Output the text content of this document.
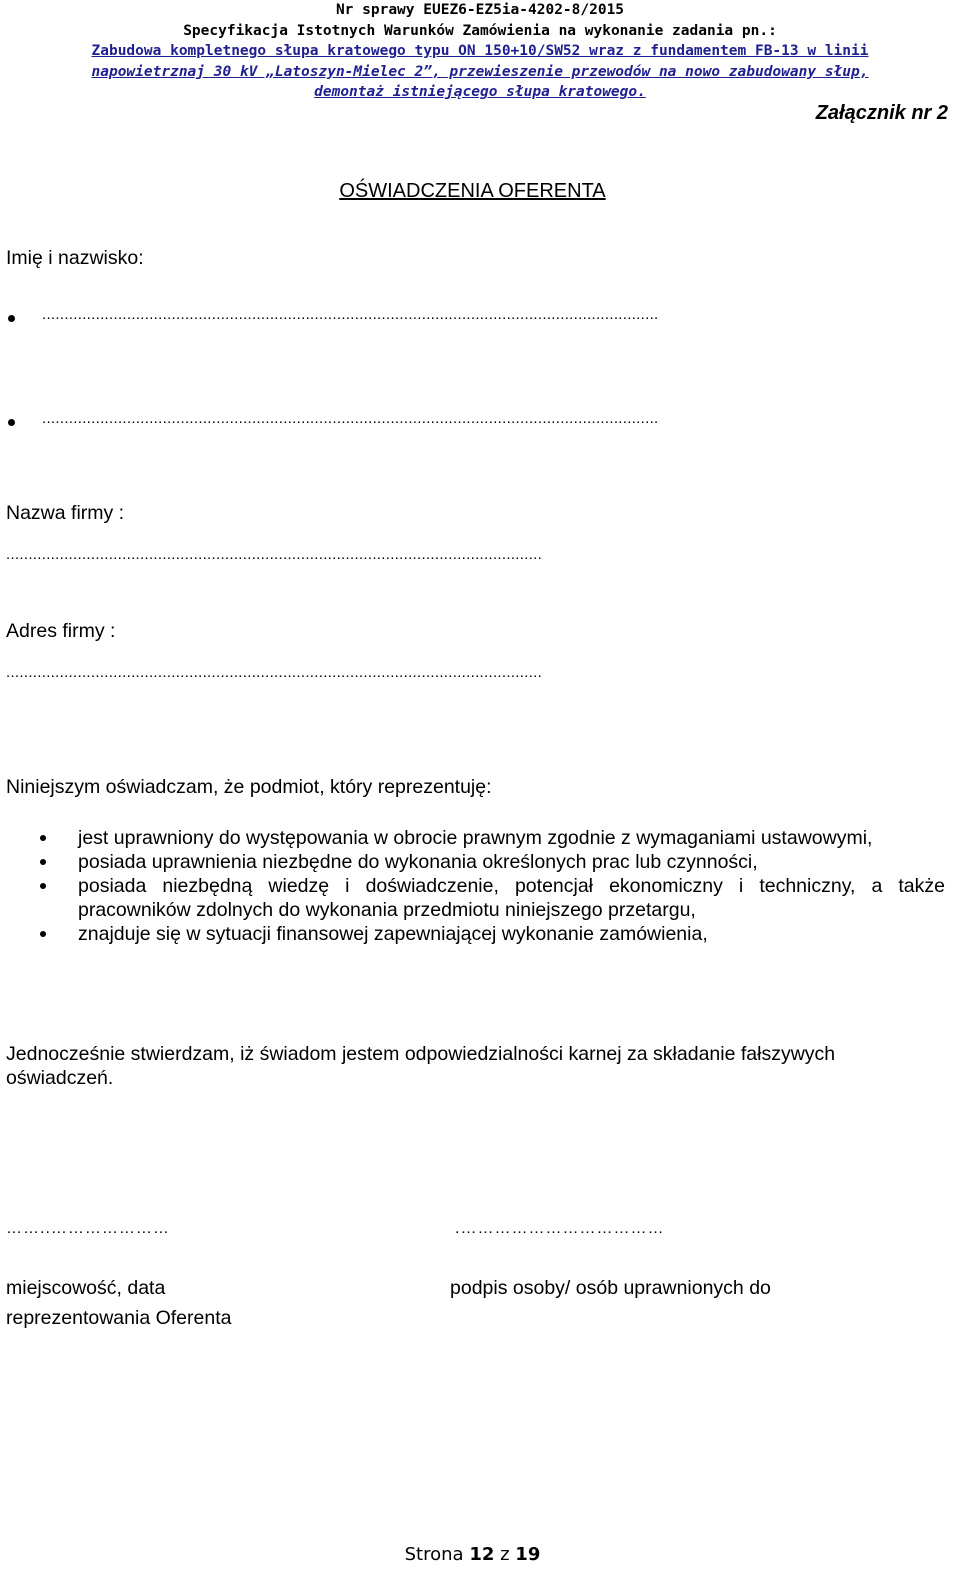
Nr sprawy EUEZ6-EZ5ia-4202-8/2015
Specyfikacja Istotnych Warunków Zamówienia na wykonanie zadania pn.:
Zabudowa kompletnego słupa kratowego typu ON 150+10/SW52 wraz z fundamentem FB-13 w linii
napowietrznaj 30 kV „Latoszyn-Mielec 2”, przewieszenie przewodów na nowo zabudowany słup,
demontaż istniejącego słupa kratowego.
Załącznik nr 2
OŚWIADCZENIA OFERENTA
Imię i nazwisko:
..........................................................................................................................................
..........................................................................................................................................
Nazwa firmy :
........................................................................................................................
Adres firmy :
........................................................................................................................
Niniejszym oświadczam, że podmiot, który reprezentuję:
jest uprawniony do występowania w obrocie prawnym zgodnie z wymaganiami ustawowymi,
posiada uprawnienia niezbędne do wykonania określonych prac lub czynności,
posiada niezbędną wiedzę i doświadczenie, potencjał ekonomiczny i techniczny, a także pracowników zdolnych do wykonania przedmiotu niniejszego przetargu,
znajduje się w sytuacji finansowej zapewniającej wykonanie zamówienia,
Jednocześnie stwierdzam, iż świadom jestem odpowiedzialności karnej za składanie fałszywych oświadczeń.
……..…………………	.………………………………
miejscowość, data
reprezentowania Oferenta
podpis osoby/ osób uprawnionych do
Strona 12 z 19
